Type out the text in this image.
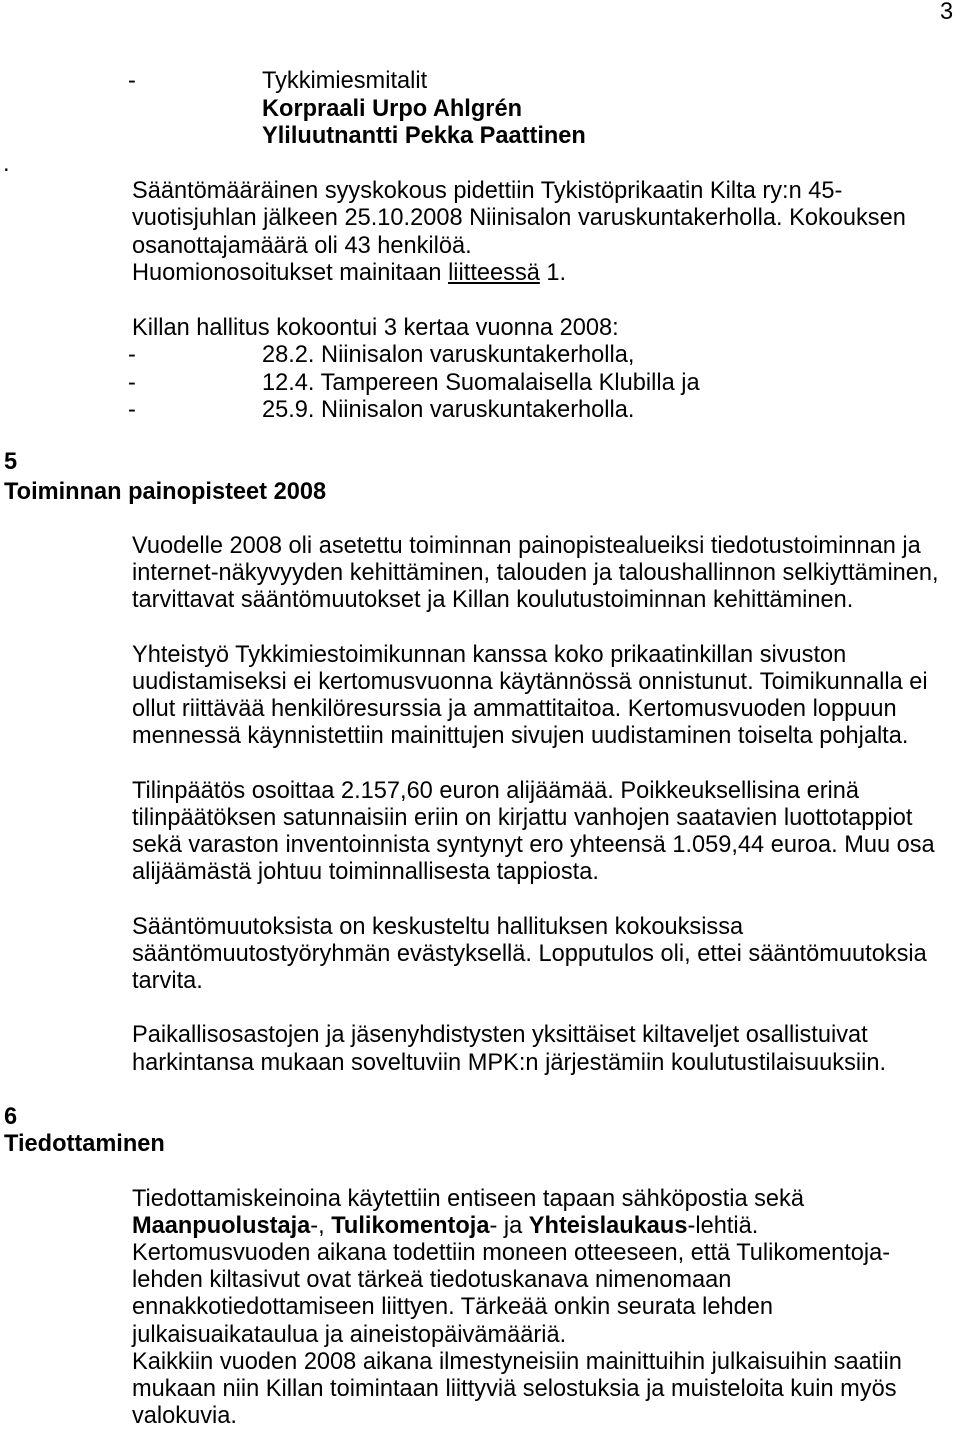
3
-	Tykkimiesmitalit
Korpraali Urpo Ahlgrén
Yliluutnantti Pekka Paattinen
.
Sääntömääräinen syyskokous pidettiin Tykistöprikaatin Kilta ry:n 45-
vuotisjuhlan jälkeen 25.10.2008 Niinisalon varuskuntakerholla. Kokouksen
osanottajamäärä oli 43 henkilöä.
Huomionosoitukset mainitaan liitteessä 1.
Killan hallitus kokoontui 3 kertaa vuonna 2008:
-	28.2. Niinisalon varuskuntakerholla,
-	12.4. Tampereen Suomalaisella Klubilla ja
-	25.9. Niinisalon varuskuntakerholla.
5
Toiminnan painopisteet 2008
Vuodelle 2008 oli asetettu toiminnan painopistealueiksi tiedotustoiminnan ja
internet-näkyvyyden kehittäminen, talouden ja taloushallinnon selkiyttäminen,
tarvittavat sääntömuutokset ja Killan koulutustoiminnan kehittäminen.
Yhteistyö Tykkimiestoimikunnan kanssa koko prikaatinkillan sivuston
uudistamiseksi ei kertomusvuonna käytännössä onnistunut. Toimikunnalla ei
ollut riittävää henkilöresurssia ja ammattitaitoa. Kertomusvuoden loppuun
mennessä käynnistettiin mainittujen sivujen uudistaminen toiselta pohjalta.
Tilinpäätös osoittaa 2.157,60 euron alijäämää. Poikkeuksellisina erinä
tilinpäätöksen satunnaisiin eriin on kirjattu vanhojen saatavien luottotappiot
sekä varaston inventoinnista syntynyt ero yhteensä 1.059,44 euroa. Muu osa
alijäämästä johtuu toiminnallisesta tappiosta.
Sääntömuutoksista on keskusteltu hallituksen kokouksissa
sääntömuutostyöryhmän evästyksellä. Lopputulos oli, ettei sääntömuutoksia
tarvita.
Paikallisosastojen ja jäsenyhdistysten yksittäiset kiltaveljet osallistuivat
harkintansa mukaan soveltuviin MPK:n järjestämiin koulutustilaisuuksiin.
6
Tiedottaminen
Tiedottamiskeinoina käytettiin entiseen tapaan sähköpostia sekä
Maanpuolustaja-, Tulikomentoja- ja Yhteislaukaus-lehtiä.
Kertomusvuoden aikana todettiin moneen otteeseen, että Tulikomentoja-
lehden kiltasivut ovat tärkeä tiedotuskanava nimenomaan
ennakkotiedottamiseen liittyen. Tärkeää onkin seurata lehden
julkaisuaikataulua ja aineistopäivämääriä.
Kaikkiin vuoden 2008 aikana ilmestyneisiin mainittuihin julkaisuihin saatiin
mukaan niin Killan toimintaan liittyviä selostuksia ja muisteloita kuin myös
valokuvia.
